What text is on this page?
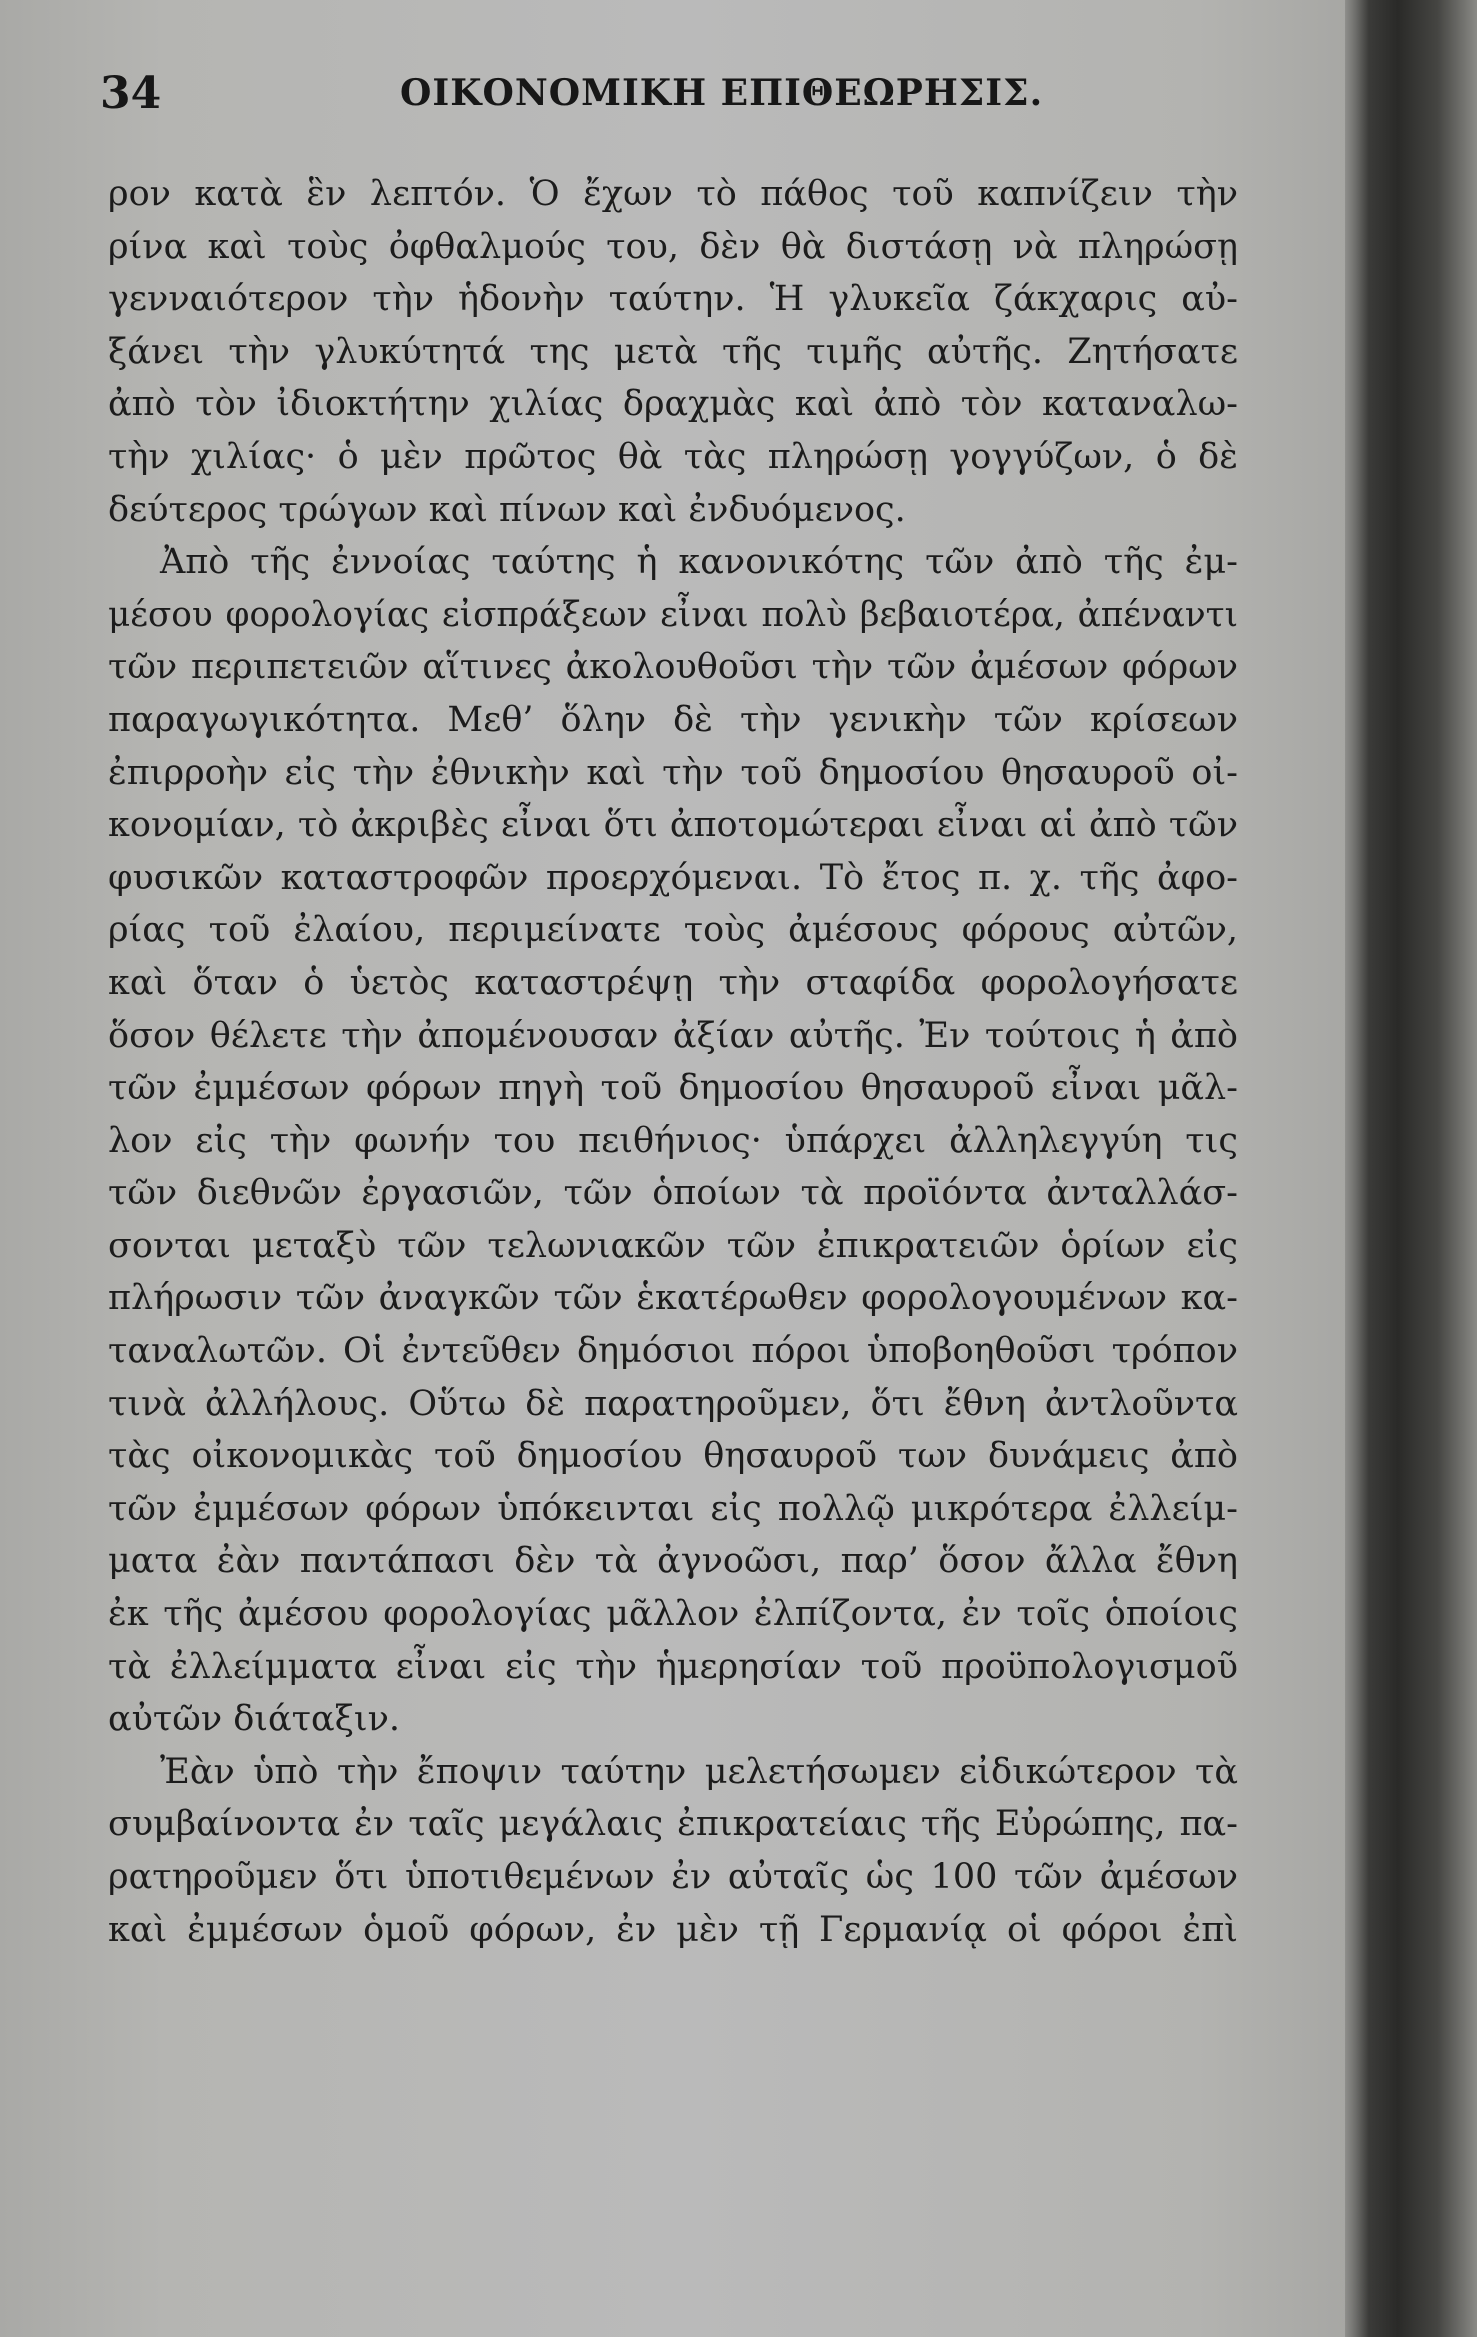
34	ΟΙΚΟΝΟΜΙΚΗ ΕΠΙΘΕΩΡΗΣΙΣ.
ρον κατὰ ἓν λεπτόν. Ὁ ἔχων τὸ πάθος τοῦ καπνίζειν τὴν
ρίνα καὶ τοὺς ὀφθαλμούς του, δὲν θὰ διστάσῃ νὰ πληρώσῃ
γενναιότερον τὴν ἡδονὴν ταύτην. Ἡ γλυκεῖα ζάκχαρις αὐ-
ξάνει τὴν γλυκύτητά της μετὰ τῆς τιμῆς αὐτῆς. Ζητήσατε
ἀπὸ τὸν ἰδιοκτήτην χιλίας δραχμὰς καὶ ἀπὸ τὸν καταναλω-
τὴν χιλίας· ὁ μὲν πρῶτος θὰ τὰς πληρώσῃ γογγύζων, ὁ δὲ
δεύτερος τρώγων καὶ πίνων καὶ ἐνδυόμενος.
Ἀπὸ τῆς ἐννοίας ταύτης ἡ κανονικότης τῶν ἀπὸ τῆς ἐμ-
μέσου φορολογίας εἰσπράξεων εἶναι πολὺ βεβαιοτέρα, ἀπέναντι
τῶν περιπετειῶν αἵτινες ἀκολουθοῦσι τὴν τῶν ἀμέσων φόρων
παραγωγικότητα. Μεθ’ ὅλην δὲ τὴν γενικὴν τῶν κρίσεων
ἐπιρροὴν εἰς τὴν ἐθνικὴν καὶ τὴν τοῦ δημοσίου θησαυροῦ οἰ-
κονομίαν, τὸ ἀκριβὲς εἶναι ὅτι ἀποτομώτεραι εἶναι αἱ ἀπὸ τῶν
φυσικῶν καταστροφῶν προερχόμεναι. Τὸ ἔτος π. χ. τῆς ἀφο-
ρίας τοῦ ἐλαίου, περιμείνατε τοὺς ἀμέσους φόρους αὐτῶν,
καὶ ὅταν ὁ ὑετὸς καταστρέψῃ τὴν σταφίδα φορολογήσατε
ὅσον θέλετε τὴν ἀπομένουσαν ἀξίαν αὐτῆς. Ἐν τούτοις ἡ ἀπὸ
τῶν ἐμμέσων φόρων πηγὴ τοῦ δημοσίου θησαυροῦ εἶναι μᾶλ-
λον εἰς τὴν φωνήν του πειθήνιος· ὑπάρχει ἀλληλεγγύη τις
τῶν διεθνῶν ἐργασιῶν, τῶν ὁποίων τὰ προϊόντα ἀνταλλάσ-
σονται μεταξὺ τῶν τελωνιακῶν τῶν ἐπικρατειῶν ὁρίων εἰς
πλήρωσιν τῶν ἀναγκῶν τῶν ἑκατέρωθεν φορολογουμένων κα-
ταναλωτῶν. Οἱ ἐντεῦθεν δημόσιοι πόροι ὑποβοηθοῦσι τρόπον
τινὰ ἀλλήλους. Οὕτω δὲ παρατηροῦμεν, ὅτι ἔθνη ἀντλοῦντα
τὰς οἰκονομικὰς τοῦ δημοσίου θησαυροῦ των δυνάμεις ἀπὸ
τῶν ἐμμέσων φόρων ὑπόκεινται εἰς πολλῷ μικρότερα ἐλλείμ-
ματα ἐὰν παντάπασι δὲν τὰ ἀγνοῶσι, παρ’ ὅσον ἄλλα ἔθνη
ἐκ τῆς ἀμέσου φορολογίας μᾶλλον ἐλπίζοντα, ἐν τοῖς ὁποίοις
τὰ ἐλλείμματα εἶναι εἰς τὴν ἡμερησίαν τοῦ προϋπολογισμοῦ
αὐτῶν διάταξιν.
Ἐὰν ὑπὸ τὴν ἔποψιν ταύτην μελετήσωμεν εἰδικώτερον τὰ
συμβαίνοντα ἐν ταῖς μεγάλαις ἐπικρατείαις τῆς Εὐρώπης, πα-
ρατηροῦμεν ὅτι ὑποτιθεμένων ἐν αὐταῖς ὡς 100 τῶν ἀμέσων
καὶ ἐμμέσων ὁμοῦ φόρων, ἐν μὲν τῇ Γερμανίᾳ οἱ φόροι ἐπὶ
